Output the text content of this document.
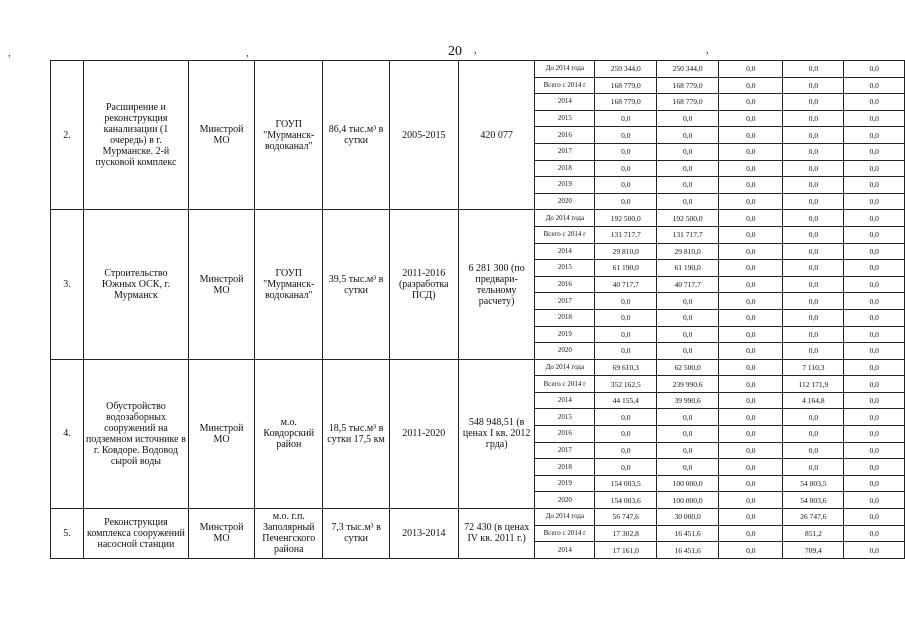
20
,	,	,	,
2.	Расширение и реконструкция канализации (1 очередь) в г. Мурманске. 2-й пусковой комплекс	Минстрой МО	ГОУП "Мурманск-водоканал"	86,4 тыс.м³ в сутки	2005-2015	420 077	До 2014 года	250 344,0	250 344,0	0,0	0,0	0,0
							Всего с 2014 г	168 779,0	168 779,0	0,0	0,0	0,0
							2014	168 779,0	168 779,0	0,0	0,0	0,0
							2015	0,0	0,0	0,0	0,0	0,0
							2016	0,0	0,0	0,0	0,0	0,0
							2017	0,0	0,0	0,0	0,0	0,0
							2018	0,0	0,0	0,0	0,0	0,0
							2019	0,0	0,0	0,0	0,0	0,0
							2020	0,0	0,0	0,0	0,0	0,0
3.	Строительство Южных ОСК, г. Мурманск	Минстрой МО	ГОУП "Мурманск-водоканал"	39,5 тыс.м³ в сутки	2011-2016 (разработка ПСД)	6 281 300 (по предвари-тельному расчету)	До 2014 года	192 500,0	192 500,0	0,0	0,0	0,0
							Всего с 2014 г	131 717,7	131 717,7	0,0	0,0	0,0
							2014	29 810,0	29 810,0	0,0	0,0	0,0
							2015	61 190,0	61 190,0	0,0	0,0	0,0
							2016	40 717,7	40 717,7	0,0	0,0	0,0
							2017	0,0	0,0	0,0	0,0	0,0
							2018	0,0	0,0	0,0	0,0	0,0
							2019	0,0	0,0	0,0	0,0	0,0
							2020	0,0	0,0	0,0	0,0	0,0
4.	Обустройство водозаборных сооружений на подземном источнике в г. Ковдоре. Водовод сырой воды	Минстрой МО	м.о. Ковдорский район	18,5 тыс.м³ в сутки 17,5 км	2011-2020	548 948,51 (в ценах I кв. 2012 грда)	До 2014 года	69 610,3	62 500,0	0,0	7 110,3	0,0
							Всего с 2014 г	352 162,5	239 990,6	0,0	112 171,9	0,0
							2014	44 155,4	39 990,6	0,0	4 164,8	0,0
							2015	0,0	0,0	0,0	0,0	0,0
							2016	0,0	0,0	0,0	0,0	0,0
							2017	0,0	0,0	0,0	0,0	0,0
							2018	0,0	0,0	0,0	0,0	0,0
							2019	154 003,5	100 000,0	0,0	54 003,5	0,0
							2020	154 003,6	100 000,0	0,0	54 003,6	0,0
5.	Реконструкция комплекса сооружений насосной станции	Минстрой МО	м.о. г.п. Заполярный Печенгского района	7,3 тыс.м³ в сутки	2013-2014	72 430 (в ценах IV кв. 2011 г.)	До 2014 года	56 747,6	30 000,0	0,0	26 747,6	0,0
							Всего с 2014 г	17 302,8	16 451,6	0,0	851,2	0,0
							2014	17 161,0	16 451,6	0,0	709,4	0,0
